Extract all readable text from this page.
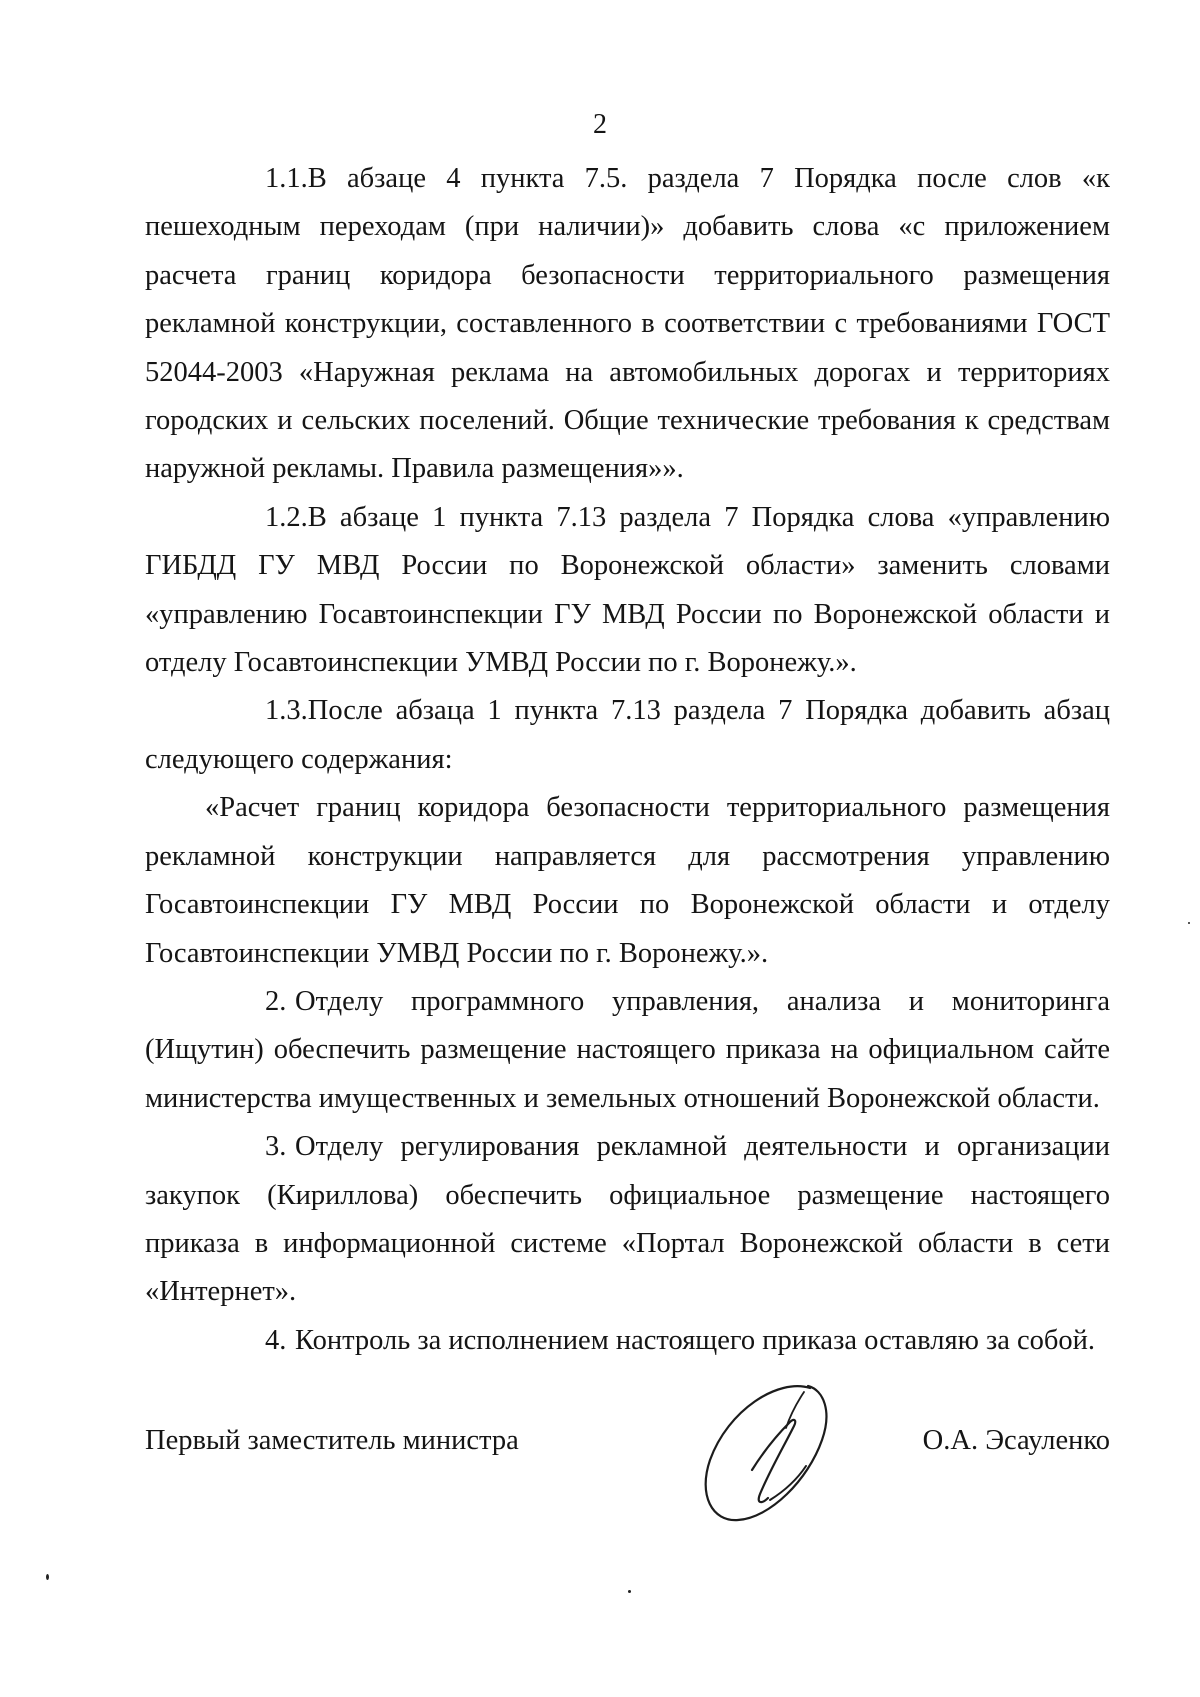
2

1.1.В абзаце 4 пункта 7.5. раздела 7 Порядка после слов «к пешеходным переходам (при наличии)» добавить слова «с приложением расчета границ коридора безопасности территориального размещения рекламной конструкции, составленного в соответствии с требованиями ГОСТ 52044-2003 «Наружная реклама на автомобильных дорогах и территориях городских и сельских поселений. Общие технические требования к средствам наружной рекламы. Правила размещения»».

1.2.В абзаце 1 пункта 7.13 раздела 7 Порядка слова «управлению ГИБДД ГУ МВД России по Воронежской области» заменить словами «управлению Госавтоинспекции ГУ МВД России по Воронежской области и отделу Госавтоинспекции УМВД России по г. Воронежу.».

1.3.После абзаца 1 пункта 7.13 раздела 7 Порядка добавить абзац следующего содержания:

«Расчет границ коридора безопасности территориального размещения рекламной конструкции направляется для рассмотрения управлению Госавтоинспекции ГУ МВД России по Воронежской области и отделу Госавтоинспекции УМВД России по г. Воронежу.».

2. Отделу программного управления, анализа и мониторинга (Ищутин) обеспечить размещение настоящего приказа на официальном сайте министерства имущественных и земельных отношений Воронежской области.

3. Отделу регулирования рекламной деятельности и организации закупок (Кириллова) обеспечить официальное размещение настоящего приказа в информационной системе «Портал Воронежской области в сети «Интернет».

4. Контроль за исполнением настоящего приказа оставляю за собой.

Первый заместитель министра	О.А. Эсауленко
